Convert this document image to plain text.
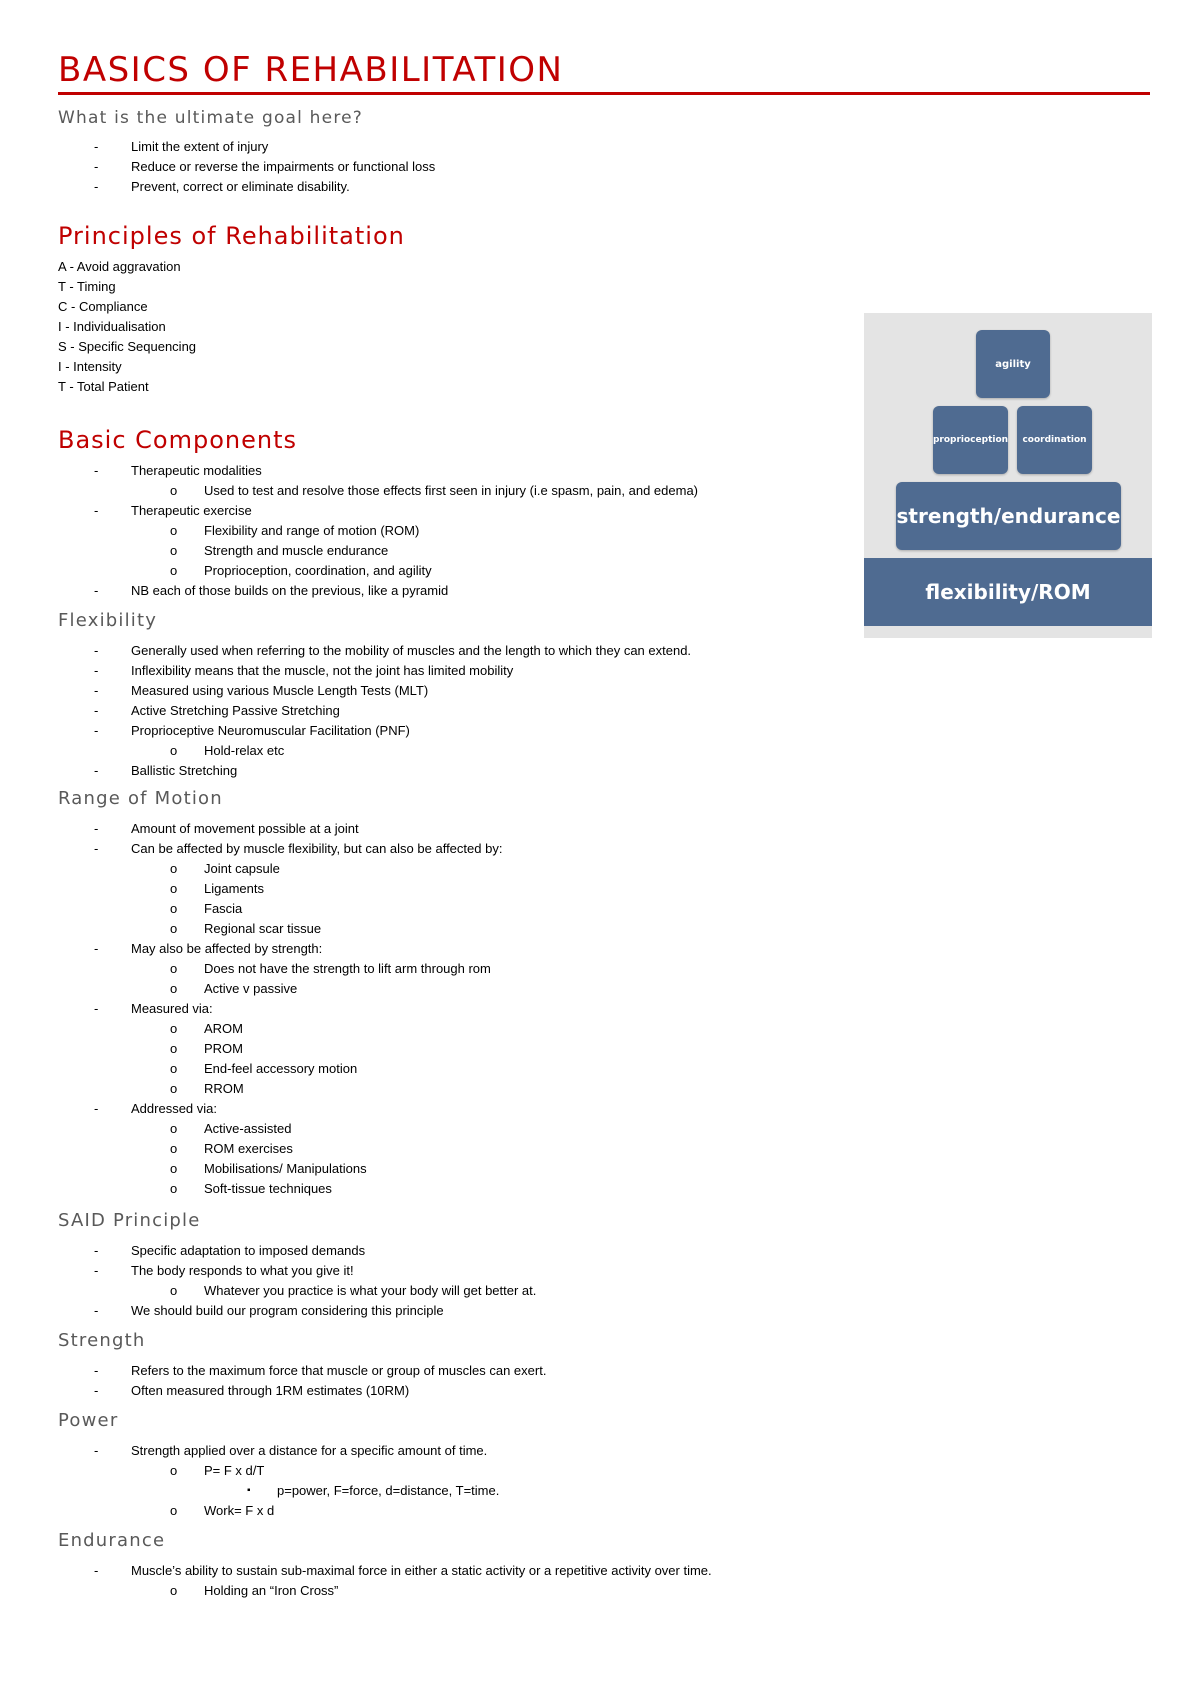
BASICS OF REHABILITATION
What is the ultimate goal here?
- Limit the extent of injury
- Reduce or reverse the impairments or functional loss
- Prevent, correct or eliminate disability.
Principles of Rehabilitation
A - Avoid aggravation
T - Timing
C - Compliance
I - Individualisation
S - Specific Sequencing
I - Intensity
T - Total Patient
Basic Components
- Therapeutic modalities
o Used to test and resolve those effects first seen in injury (i.e spasm, pain, and edema)
- Therapeutic exercise
o Flexibility and range of motion (ROM)
o Strength and muscle endurance
o Proprioception, coordination, and agility
- NB each of those builds on the previous, like a pyramid
Flexibility
- Generally used when referring to the mobility of muscles and the length to which they can extend.
- Inflexibility means that the muscle, not the joint has limited mobility
- Measured using various Muscle Length Tests (MLT)
- Active Stretching Passive Stretching
- Proprioceptive Neuromuscular Facilitation (PNF)
o Hold-relax etc
- Ballistic Stretching
Range of Motion
- Amount of movement possible at a joint
- Can be affected by muscle flexibility, but can also be affected by:
o Joint capsule
o Ligaments
o Fascia
o Regional scar tissue
- May also be affected by strength:
o Does not have the strength to lift arm through rom
o Active v passive
- Measured via:
o AROM
o PROM
o End-feel accessory motion
o RROM
- Addressed via:
o Active-assisted
o ROM exercises
o Mobilisations/ Manipulations
o Soft-tissue techniques
SAID Principle
- Specific adaptation to imposed demands
- The body responds to what you give it!
o Whatever you practice is what your body will get better at.
- We should build our program considering this principle
Strength
- Refers to the maximum force that muscle or group of muscles can exert.
- Often measured through 1RM estimates (10RM)
Power
- Strength applied over a distance for a specific amount of time.
o P= F x d/T
▪ p=power, F=force, d=distance, T=time.
o Work= F x d
Endurance
- Muscle’s ability to sustain sub-maximal force in either a static activity or a repetitive activity over time.
o Holding an “Iron Cross”
agility
proprioception	coordination
strength/endurance
flexibility/ROM
